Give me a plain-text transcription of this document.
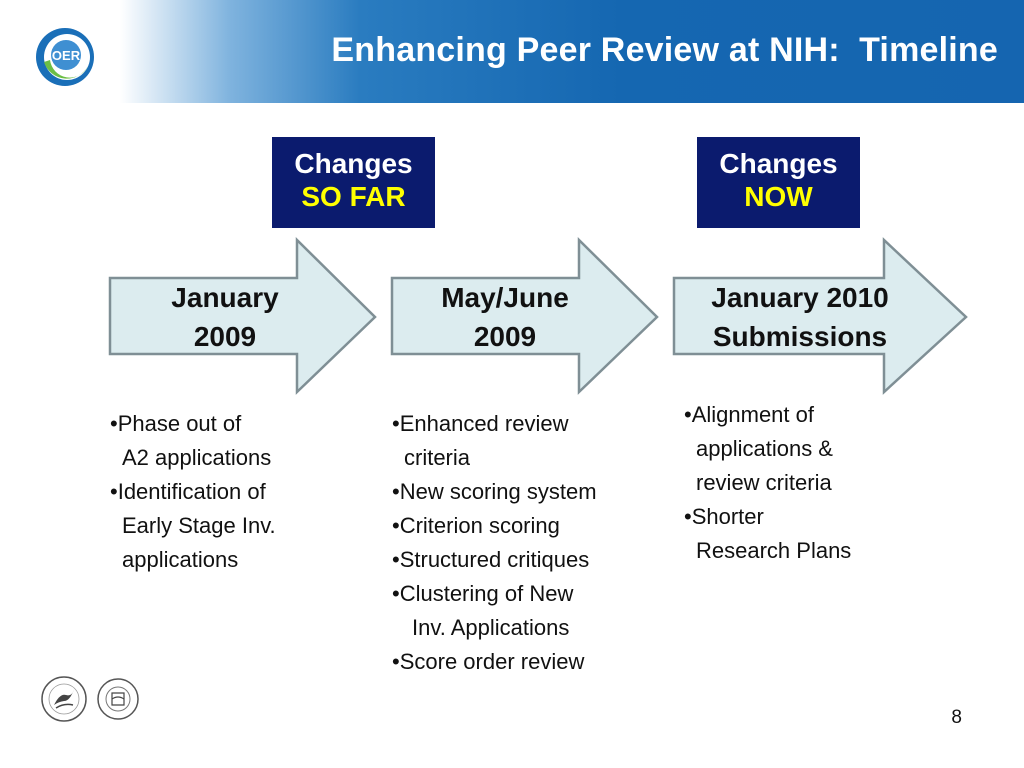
OER	Enhancing Peer Review at NIH:  Timeline
Changes
SO FAR
Changes
NOW
January
2009
May/June
2009
January 2010
Submissions
•Phase out of
A2 applications
•Identification of
Early Stage Inv.
applications
•Enhanced review
criteria
•New scoring system
•Criterion scoring
•Structured critiques
•Clustering of New
Inv. Applications
•Score order review
•Alignment of
applications &
review criteria
•Shorter
Research Plans
8
